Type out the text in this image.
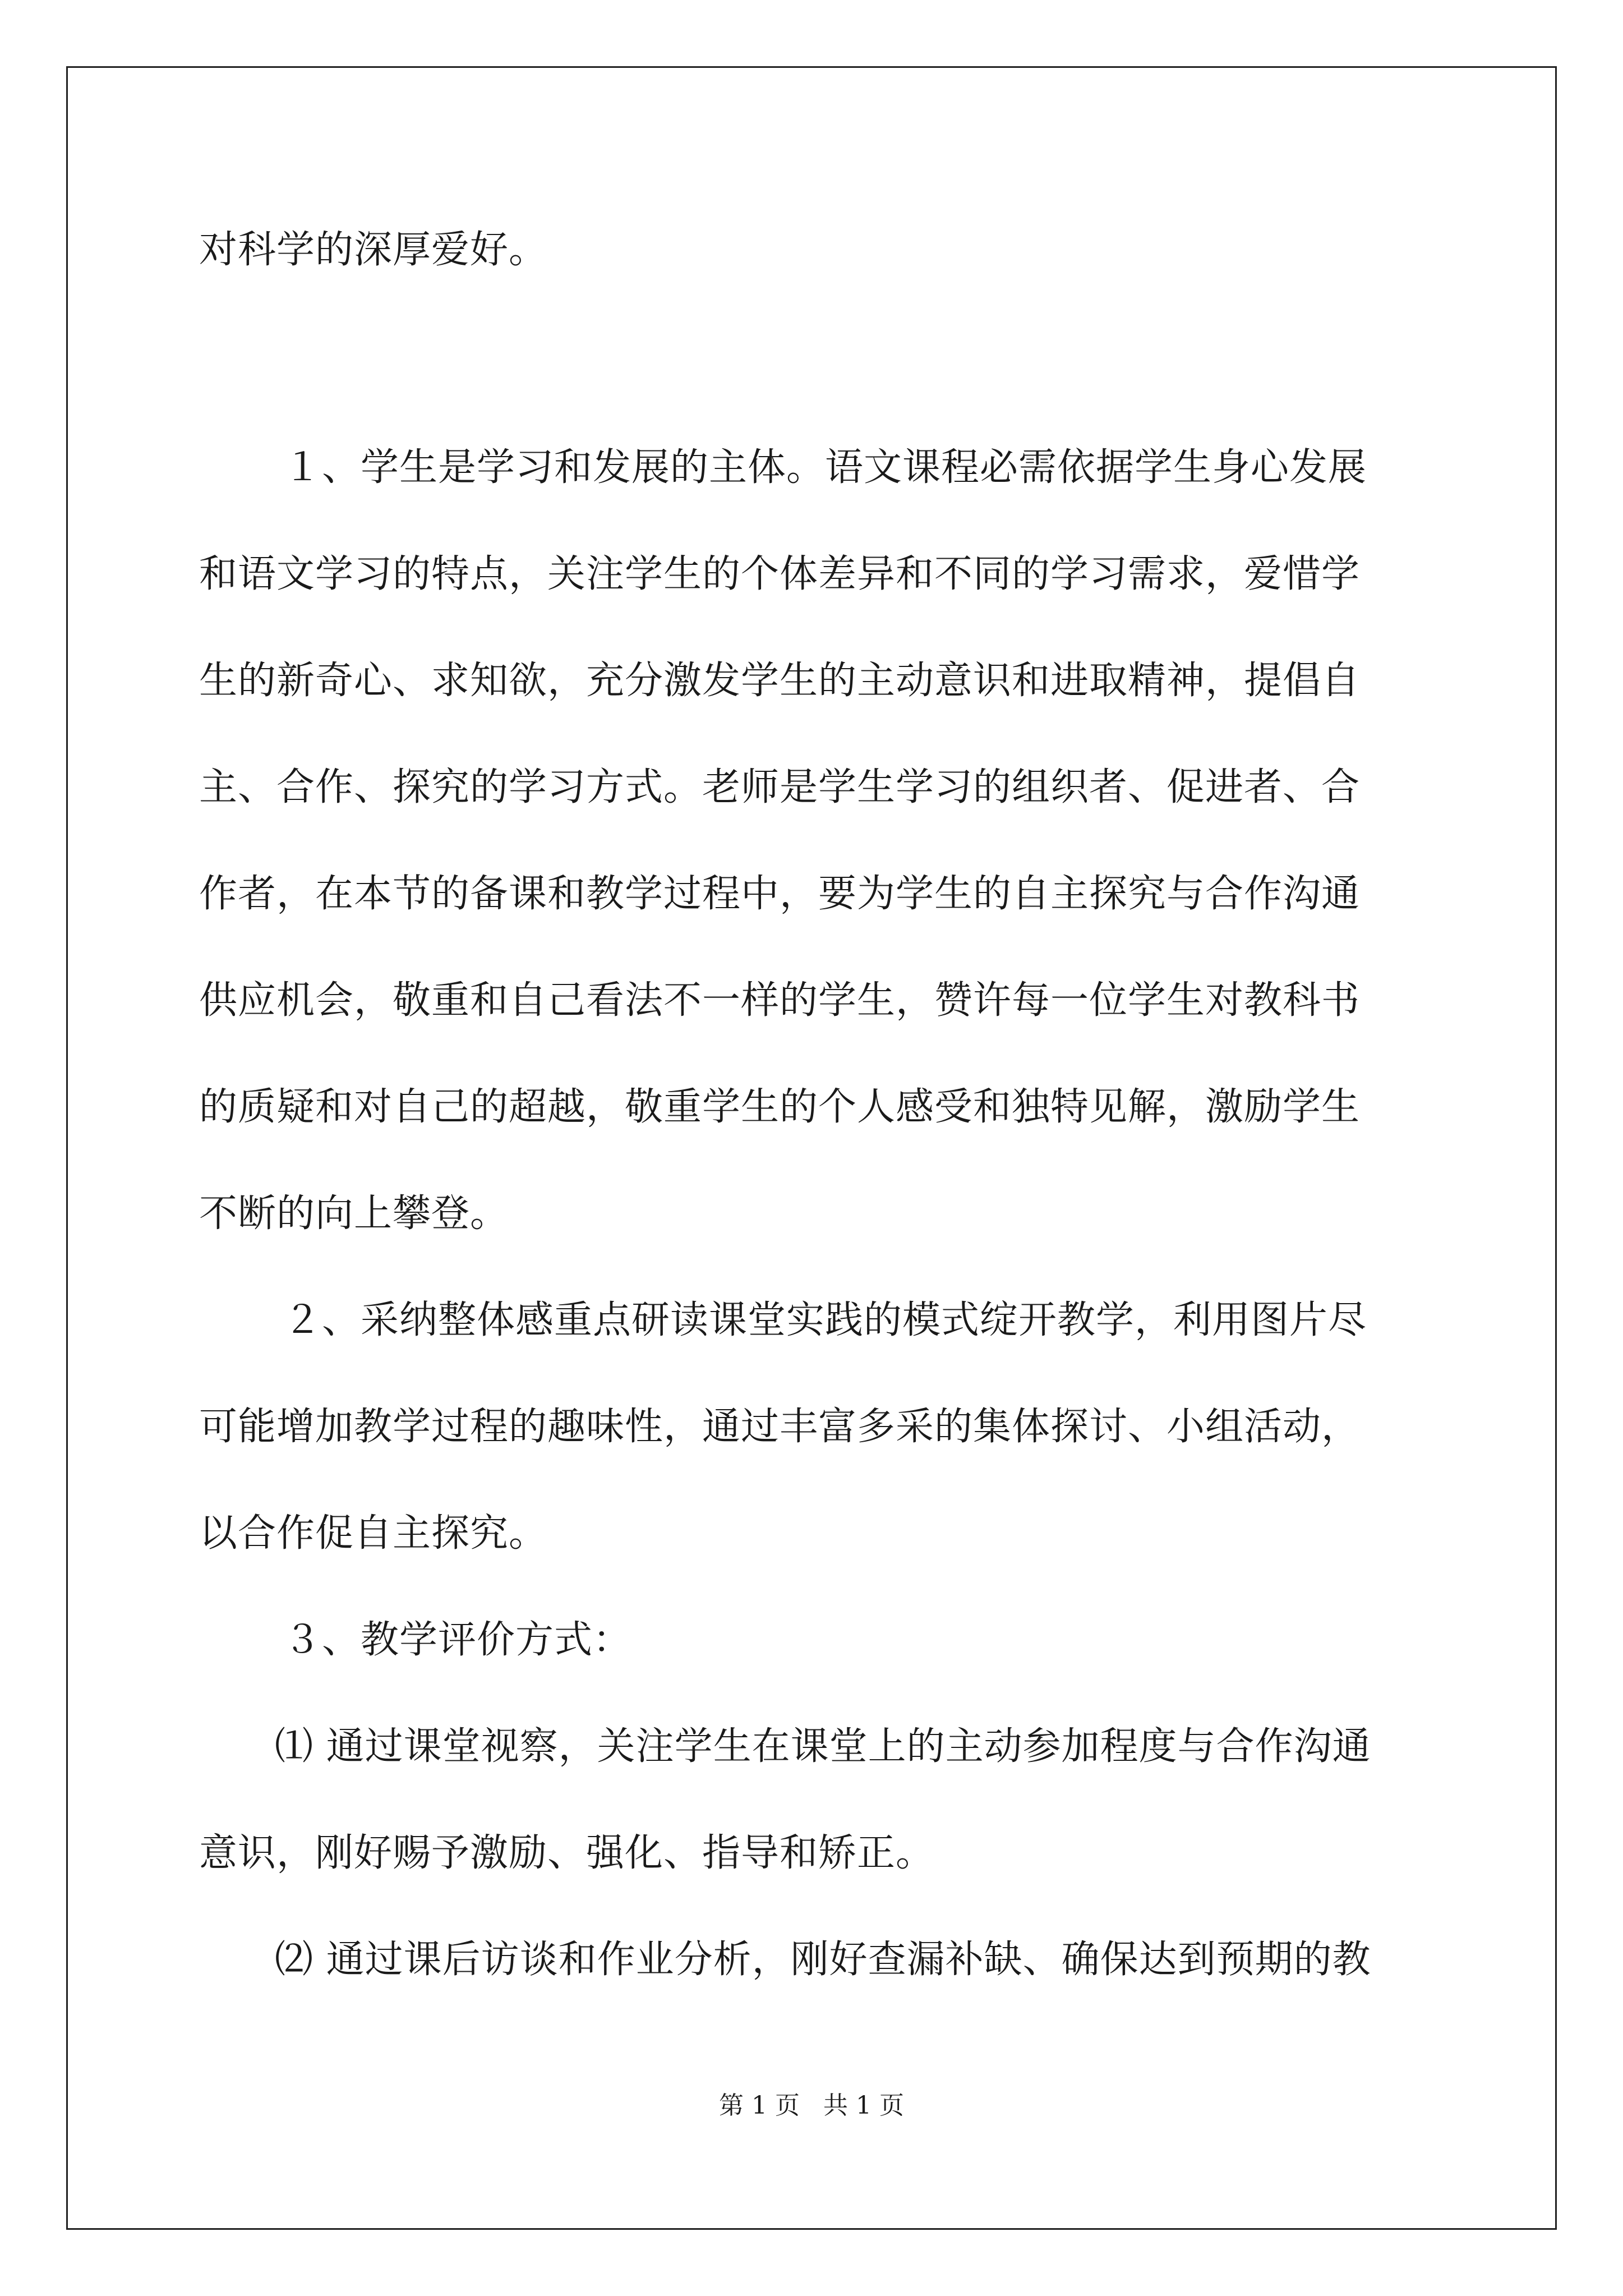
对科学的深厚爱好。
１、学生是学习和发展的主体。语文课程必需依据学生身心发展
和语文学习的特点，关注学生的个体差异和不同的学习需求，爱惜学
生的新奇心、求知欲，充分激发学生的主动意识和进取精神，提倡自
主、合作、探究的学习方式。老师是学生学习的组织者、促进者、合
作者，在本节的备课和教学过程中，要为学生的自主探究与合作沟通
供应机会，敬重和自己看法不一样的学生，赞许每一位学生对教科书
的质疑和对自己的超越，敬重学生的个人感受和独特见解，激励学生
不断的向上攀登。
２、采纳整体感重点研读课堂实践的模式绽开教学，利用图片尽
可能增加教学过程的趣味性，通过丰富多采的集体探讨、小组活动，
以合作促自主探究。
３、教学评价方式：
⑴ 通过课堂视察，关注学生在课堂上的主动参加程度与合作沟通
意识，刚好赐予激励、强化、指导和矫正。
⑵ 通过课后访谈和作业分析，刚好查漏补缺、确保达到预期的教
第 1 页   共 1 页
